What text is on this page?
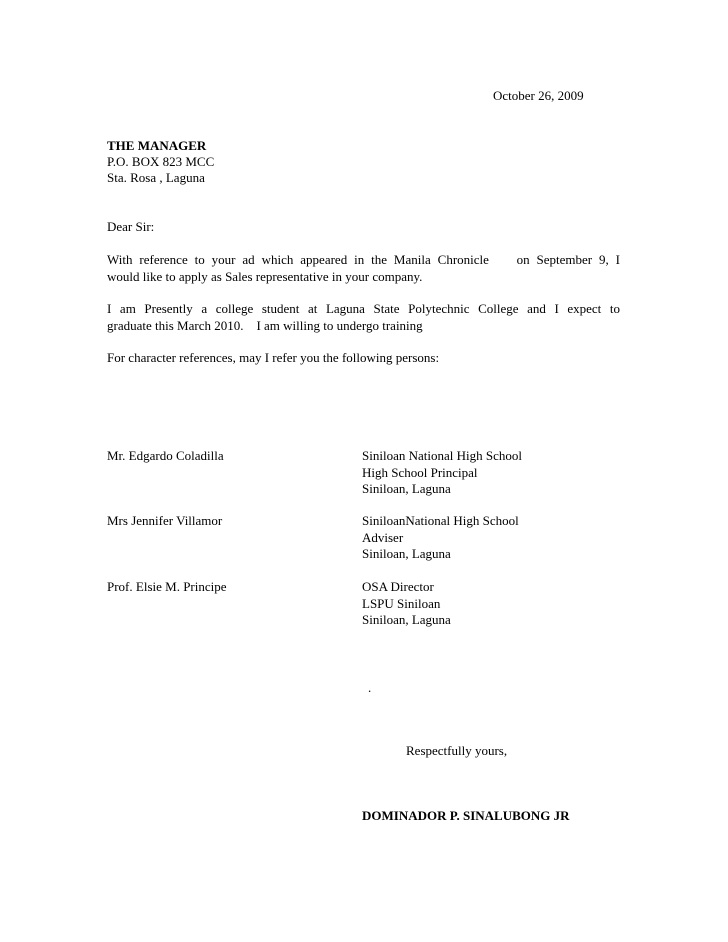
October 26, 2009
THE MANAGER
P.O. BOX 823 MCC
Sta. Rosa , Laguna
Dear Sir:
With reference to your ad which appeared in the Manila Chronicle    on September 9, I
would like to apply as Sales representative in your company.
I am Presently a college student at Laguna State Polytechnic College and I expect to
graduate this March 2010.    I am willing to undergo training
For character references, may I refer you the following persons:
Mr. Edgardo Coladilla	Siniloan National High School
High School Principal
Siniloan, Laguna
Mrs Jennifer Villamor	SiniloanNational High School
Adviser
Siniloan, Laguna
Prof. Elsie M. Principe	OSA Director
LSPU Siniloan
Siniloan, Laguna
.
Respectfully yours,
DOMINADOR P. SINALUBONG JR
